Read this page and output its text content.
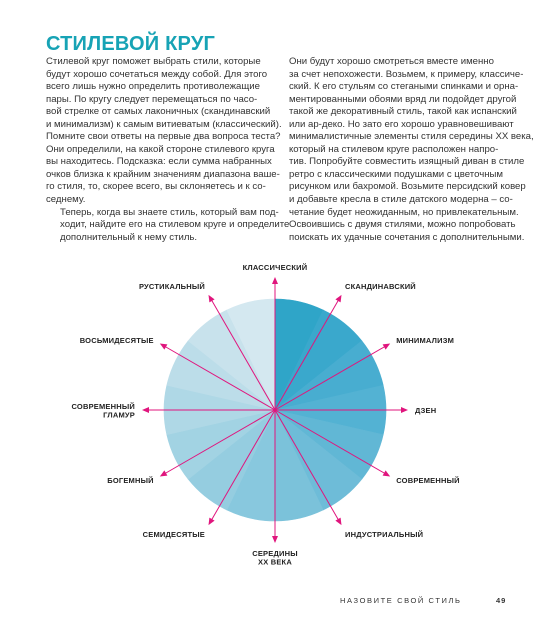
СТИЛЕВОЙ КРУГ

Стилевой круг поможет выбрать стили, которые
будут хорошо сочетаться между собой. Для этого
всего лишь нужно определить противолежащие
пары. По кругу следует перемещаться по часо-
вой стрелке от самых лаконичных (скандинавский
и минимализм) к самым витиеватым (классический).
Помните свои ответы на первые два вопроса теста?
Они определили, на какой стороне стилевого круга
вы находитесь. Подсказка: если сумма набранных
очков близка к крайним значениям диапазона ваше-
го стиля, то, скорее всего, вы склоняетесь и к со-
седнему.

Теперь, когда вы знаете стиль, который вам под-
ходит, найдите его на стилевом круге и определите
дополнительный к нему стиль.

Они будут хорошо смотреться вместе именно
за счет непохожести. Возьмем, к примеру, классиче-
ский. К его стульям со стегаными спинками и орна-
ментированными обоями вряд ли подойдет другой
такой же декоративный стиль, такой как испанский
или ар-деко. Но зато его хорошо уравновешивают
минималистичные элементы стиля середины XX века,
который на стилевом круге расположен напро-
тив. Попробуйте совместить изящный диван в стиле
ретро с классическими подушками с цветочным
рисунком или бахромой. Возьмите персидский ковер
и добавьте кресла в стиле датского модерна – со-
четание будет неожиданным, но привлекательным.
Освоившись с двумя стилями, можно попробовать
поискать их удачные сочетания с дополнительными.

КЛАССИЧЕСКИЙ
СКАНДИНАВСКИЙ
МИНИМАЛИЗМ
ДЗЕН
СОВРЕМЕННЫЙ
ИНДУСТРИАЛЬНЫЙ
СЕРЕДИНЫ XX ВЕКА
СЕМИДЕСЯТЫЕ
БОГЕМНЫЙ
СОВРЕМЕННЫЙ ГЛАМУР
ВОСЬМИДЕСЯТЫЕ
РУСТИКАЛЬНЫЙ
НАЗОВИТЕ СВОЙ СТИЛЬ	49
